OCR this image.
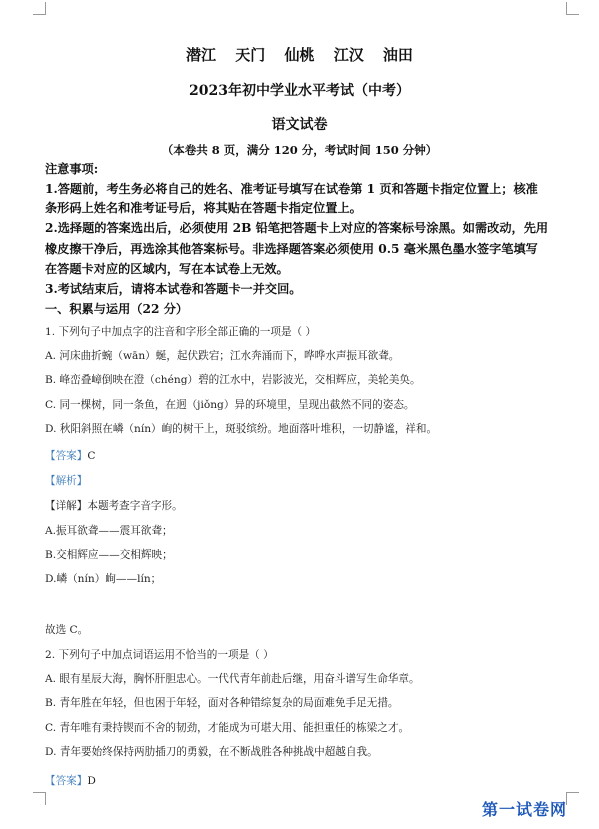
潜江 天门 仙桃 江汉 油田
2023年初中学业水平考试（中考）
语文试卷
（本卷共 8 页，满分 120 分，考试时间 150 分钟）
注意事项:
1.答题前，考生务必将自己的姓名、准考证号填写在试卷第 1 页和答题卡指定位置上；核准
条形码上姓名和准考证号后，将其贴在答题卡指定位置上。
2.选择题的答案选出后，必须使用 2B 铅笔把答题卡上对应的答案标号涂黑。如需改动，先用
橡皮擦干净后，再选涂其他答案标号。非选择题答案必须使用 0.5 毫米黑色墨水签字笔填写
在答题卡对应的区域内，写在本试卷上无效。
3.考试结束后，请将本试卷和答题卡一并交回。
一、积累与运用（22 分）
1. 下列句子中加点字的注音和字形全部正确的一项是（ ）
A. 河床曲折蜿（wān）蜒，起伏跌宕；江水奔涌而下，哗哗水声振耳欲聋。
B. 峰峦叠嶂倒映在澄（chéng）碧的江水中，岩影波光，交相辉应，美轮美奂。
C. 同一棵树，同一条鱼，在迥（jiǒng）异的环境里，呈现出截然不同的姿态。
D. 秋阳斜照在嶙（nín）峋的树干上，斑驳缤纷。地面落叶堆积，一切静谧，祥和。
【答案】C
【解析】
【详解】本题考查字音字形。
A.振耳欲聋——震耳欲聋；
B.交相辉应——交相辉映；
D.嶙（nín）峋——lín；
故选 C。
2. 下列句子中加点词语运用不恰当的一项是（ ）
A. 眼有星辰大海，胸怀肝胆忠心。一代代青年前赴后继，用奋斗谱写生命华章。
B. 青年胜在年轻，但也困于年轻，面对各种错综复杂的局面难免手足无措。
C. 青年唯有秉持锲而不舍的韧劲，才能成为可堪大用、能担重任的栋梁之才。
D. 青年要始终保持两肋插刀的勇毅，在不断战胜各种挑战中超越自我。
【答案】D
第一试卷网
